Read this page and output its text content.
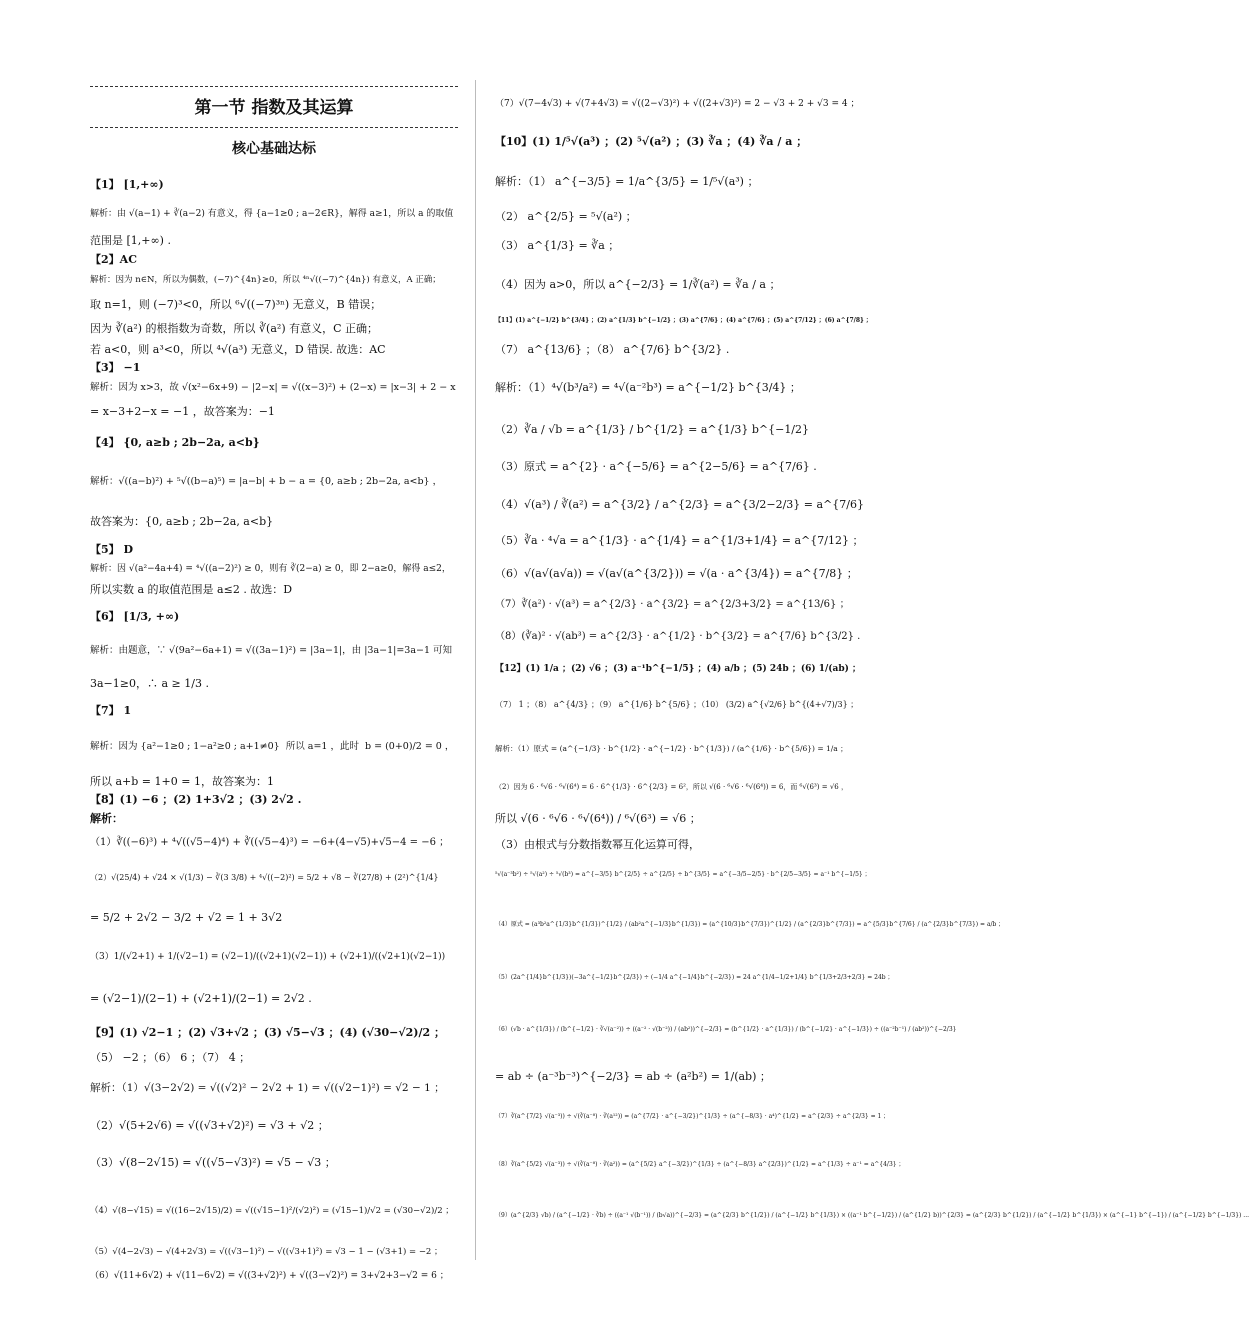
第一节 指数及其运算
核心基础达标
【1】 [1,+∞)
解析：由 √(a−1) + ∛(a−2) 有意义，得 {a−1≥0 ; a−2∈R}，解得 a≥1，所以 a 的取值
范围是 [1,+∞) .
【2】AC
解析：因为 n∈N，所以为偶数，(−7)^{4n}≥0，所以 ⁴ⁿ√((−7)^{4n}) 有意义，A 正确；
取 n=1，则 (−7)³<0，所以 ⁶√((−7)³ⁿ) 无意义，B 错误；
因为 ∛(a²) 的根指数为奇数，所以 ∛(a²) 有意义，C 正确；
若 a<0，则 a³<0，所以 ⁴√(a³) 无意义，D 错误. 故选：AC
【3】 −1
解析：因为 x>3，故 √(x²−6x+9) − |2−x| = √((x−3)²) + (2−x) = |x−3| + 2 − x
= x−3+2−x = −1 ，故答案为：−1
【4】 {0, a≥b ; 2b−2a, a<b}
解析：√((a−b)²) + ⁵√((b−a)⁵) = |a−b| + b − a = {0, a≥b ; 2b−2a, a<b} ，
故答案为：{0, a≥b ; 2b−2a, a<b}
【5】 D
解析：因 √(a²−4a+4) = ⁴√((a−2)²) ≥ 0，则有 ∛(2−a) ≥ 0，即 2−a≥0，解得 a≤2，
所以实数 a 的取值范围是 a≤2 . 故选：D
【6】 [1/3, +∞)
解析：由题意，∵ √(9a²−6a+1) = √((3a−1)²) = |3a−1|，由 |3a−1|=3a−1 可知
3a−1≥0，∴ a ≥ 1/3 .
【7】 1
解析：因为 {a²−1≥0 ; 1−a²≥0 ; a+1≠0}  所以 a=1 ，此时  b = (0+0)/2 = 0 ，
所以 a+b = 1+0 = 1，故答案为：1
【8】(1) −6 ；(2) 1+3√2 ；(3) 2√2 .
解析：
（1）∛((−6)³) + ⁴√((√5−4)⁴) + ∛((√5−4)³) = −6+(4−√5)+√5−4 = −6 ；
（2）√(25/4) + √24 × √(1/3) − ∛(3 3/8) + ⁴√((−2)²) = 5/2 + √8 − ∛(27/8) + (2²)^{1/4}
= 5/2 + 2√2 − 3/2 + √2 = 1 + 3√2
（3）1/(√2+1) + 1/(√2−1) = (√2−1)/((√2+1)(√2−1)) + (√2+1)/((√2+1)(√2−1))
= (√2−1)/(2−1) + (√2+1)/(2−1) = 2√2 .
【9】(1) √2−1 ；(2) √3+√2 ；(3) √5−√3 ；(4) (√30−√2)/2 ；
（5） −2 ；（6） 6 ；（7） 4 ；
解析：（1）√(3−2√2) = √((√2)² − 2√2 + 1) = √((√2−1)²) = √2 − 1 ；
（2）√(5+2√6) = √((√3+√2)²) = √3 + √2 ；
（3）√(8−2√15) = √((√5−√3)²) = √5 − √3 ；
（4）√(8−√15) = √((16−2√15)/2) = √((√15−1)²/(√2)²) = (√15−1)/√2 = (√30−√2)/2 ；
（5）√(4−2√3) − √(4+2√3) = √((√3−1)²) − √((√3+1)²) = √3 − 1 − (√3+1) = −2 ；
（6）√(11+6√2) + √(11−6√2) = √((3+√2)²) + √((3−√2)²) = 3+√2+3−√2 = 6 ；
（7）√(7−4√3) + √(7+4√3) = √((2−√3)²) + √((2+√3)²) = 2 − √3 + 2 + √3 = 4 ；
【10】(1) 1/⁵√(a³) ；(2) ⁵√(a²) ；(3) ∛a ；(4) ∛a / a ；
解析：（1） a^{−3/5} = 1/a^{3/5} = 1/⁵√(a³) ；
（2） a^{2/5} = ⁵√(a²) ；
（3） a^{1/3} = ∛a ；
（4）因为 a>0，所以 a^{−2/3} = 1/∛(a²) = ∛a / a ；
【11】(1) a^{−1/2} b^{3/4} ；(2) a^{1/3} b^{−1/2} ；(3) a^{7/6} ；(4) a^{7/6} ；(5) a^{7/12} ；(6) a^{7/8} ；
（7） a^{13/6} ；（8） a^{7/6} b^{3/2} .
解析：（1）⁴√(b³/a²) = ⁴√(a⁻²b³) = a^{−1/2} b^{3/4} ；
（2）∛a / √b = a^{1/3} / b^{1/2} = a^{1/3} b^{−1/2}
（3）原式 = a^{2} · a^{−5/6} = a^{2−5/6} = a^{7/6} .
（4）√(a³) / ∛(a²) = a^{3/2} / a^{2/3} = a^{3/2−2/3} = a^{7/6}
（5）∛a · ⁴√a = a^{1/3} · a^{1/4} = a^{1/3+1/4} = a^{7/12} ；
（6）√(a√(a√a)) = √(a√(a^{3/2})) = √(a · a^{3/4}) = a^{7/8} ；
（7）∛(a²) · √(a³) = a^{2/3} · a^{3/2} = a^{2/3+3/2} = a^{13/6} ；
（8）(∛a)² · √(ab³) = a^{2/3} · a^{1/2} · b^{3/2} = a^{7/6} b^{3/2} .
【12】(1) 1/a ；(2) √6 ；(3) a⁻¹b^{−1/5} ；(4) a/b ；(5) 24b ；(6) 1/(ab) ；
（7） 1 ；（8） a^{4/3} ；（9） a^{1/6} b^{5/6} ；（10） (3/2) a^{√2/6} b^{(4+√7)/3} ；
解析：（1）原式 = (a^{−1/3} · b^{1/2} · a^{−1/2} · b^{1/3}) / (a^{1/6} · b^{5/6}) = 1/a ；
（2）因为 6 · ⁶√6 · ⁶√(6⁴) = 6 · 6^{1/3} · 6^{2/3} = 6²，所以 √(6 · ⁶√6 · ⁶√(6⁴)) = 6，而 ⁶√(6³) = √6 ，
所以 √(6 · ⁶√6 · ⁶√(6⁴)) / ⁶√(6³) = √6 ；
（3）由根式与分数指数幂互化运算可得，
⁵√(a⁻³b²) ÷ ⁵√(a²) ÷ ⁵√(b³) = a^{−3/5} b^{2/5} ÷ a^{2/5} ÷ b^{3/5} = a^{−3/5−2/5} · b^{2/5−3/5} = a⁻¹ b^{−1/5} ；
（4）原式 = (a³b²a^{1/3}b^{1/3})^{1/2} / (ab²a^{−1/3}b^{1/3}) = (a^{10/3}b^{7/3})^{1/2} / (a^{2/3}b^{7/3}) = a^{5/3}b^{7/6} / (a^{2/3}b^{7/3}) = a/b ；
（5）(2a^{1/4}b^{1/3})(−3a^{−1/2}b^{2/3}) ÷ (−1/4 a^{−1/4}b^{−2/3}) = 24 a^{1/4−1/2+1/4} b^{1/3+2/3+2/3} = 24b ；
（6）(√b · a^{1/3}) / (b^{−1/2} · ∛√(a⁻²)) ÷ ((a⁻² · √(b⁻²)) / (ab²))^{−2/3} = (b^{1/2} · a^{1/3}) / (b^{−1/2} · a^{−1/3}) ÷ ((a⁻²b⁻¹) / (ab²))^{−2/3}
= ab ÷ (a⁻³b⁻³)^{−2/3} = ab ÷ (a²b²) = 1/(ab) ；
（7）∛(a^{7/2} √(a⁻³)) ÷ √(∛(a⁻⁸) · ∛(a¹²)) = (a^{7/2} · a^{−3/2})^{1/3} ÷ (a^{−8/3} · a⁴)^{1/2} = a^{2/3} ÷ a^{2/3} = 1 ；
（8）∛(a^{5/2} √(a⁻³)) ÷ √(∛(a⁻⁸) · ∛(a²)) = (a^{5/2} a^{−3/2})^{1/3} ÷ (a^{−8/3} a^{2/3})^{1/2} = a^{1/3} ÷ a⁻¹ = a^{4/3} ；
（9）(a^{2/3} √b) / (a^{−1/2} · ∛b) ÷ ((a⁻¹ √(b⁻¹)) / (b√a))^{−2/3} = (a^{2/3} b^{1/2}) / (a^{−1/2} b^{1/3}) × ((a⁻¹ b^{−1/2}) / (a^{1/2} b))^{2/3} = (a^{2/3} b^{1/2}) / (a^{−1/2} b^{1/3}) × (a^{−1} b^{−1}) / (a^{−1/2} b^{−1/3}) ...
